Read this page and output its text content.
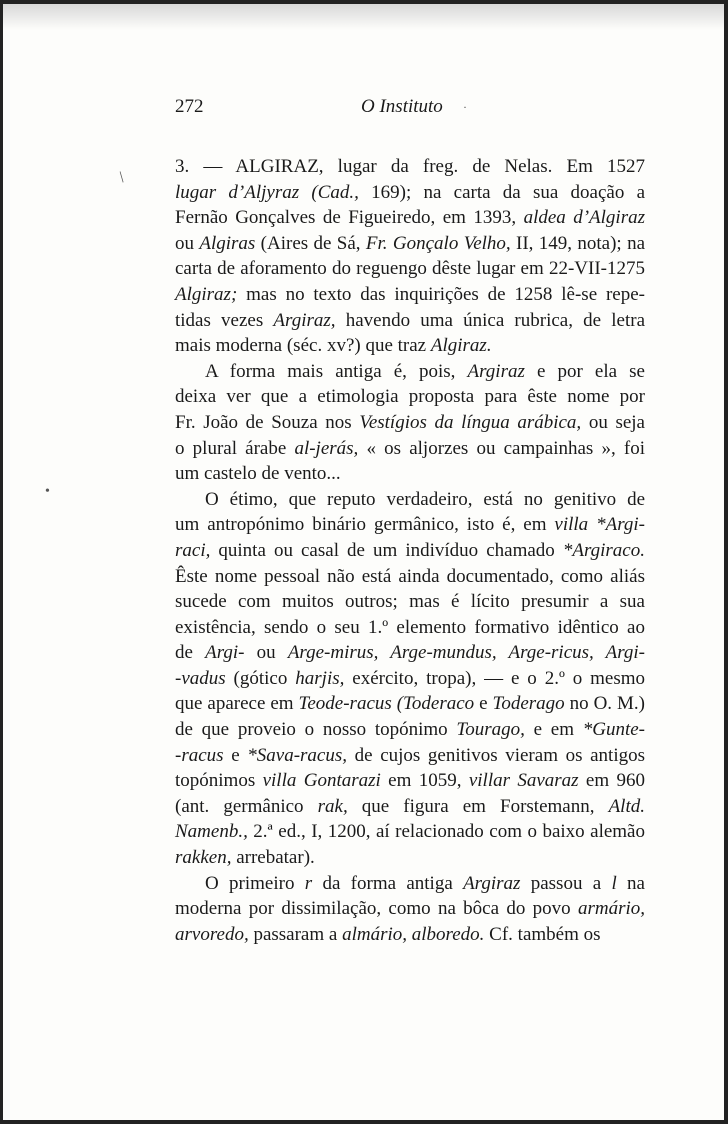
272	O Instituto
/
•
·
3. — ALGIRAZ, lugar da freg. de Nelas. Em 1527
lugar d’Aljyraz (Cad., 169); na carta da sua doação a
Fernão Gonçalves de Figueiredo, em 1393, aldea d’Algiraz
ou Algiras (Aires de Sá, Fr. Gonçalo Velho, II, 149, nota); na
carta de aforamento do reguengo dêste lugar em 22-VII-1275
Algiraz; mas no texto das inquirições de 1258 lê-se repe-
tidas vezes Argiraz, havendo uma única rubrica, de letra
mais moderna (séc. xv?) que traz Algiraz.
A forma mais antiga é, pois, Argiraz e por ela se
deixa ver que a etimologia proposta para êste nome por
Fr. João de Souza nos Vestígios da língua arábica, ou seja
o plural árabe al-jerás, « os aljorzes ou campainhas », foi
um castelo de vento...
O étimo, que reputo verdadeiro, está no genitivo de
um antropónimo binário germânico, isto é, em villa *Argi-
raci, quinta ou casal de um indivíduo chamado *Argiraco.
Êste nome pessoal não está ainda documentado, como aliás
sucede com muitos outros; mas é lícito presumir a sua
existência, sendo o seu 1.º elemento formativo idêntico ao
de Argi- ou Arge-mirus, Arge-mundus, Arge-ricus, Argi-
-vadus (gótico harjis, exército, tropa), — e o 2.º o mesmo
que aparece em Teode-racus (Toderaco e Toderago no O. M.)
de que proveio o nosso topónimo Tourago, e em *Gunte-
-racus e *Sava-racus, de cujos genitivos vieram os antigos
topónimos villa Gontarazi em 1059, villar Savaraz em 960
(ant. germânico rak, que figura em Forstemann, Altd.
Namenb., 2.ª ed., I, 1200, aí relacionado com o baixo alemão
rakken, arrebatar).
O primeiro r da forma antiga Argiraz passou a l na
moderna por dissimilação, como na bôca do povo armário,
arvoredo, passaram a almário, alboredo. Cf. também os
